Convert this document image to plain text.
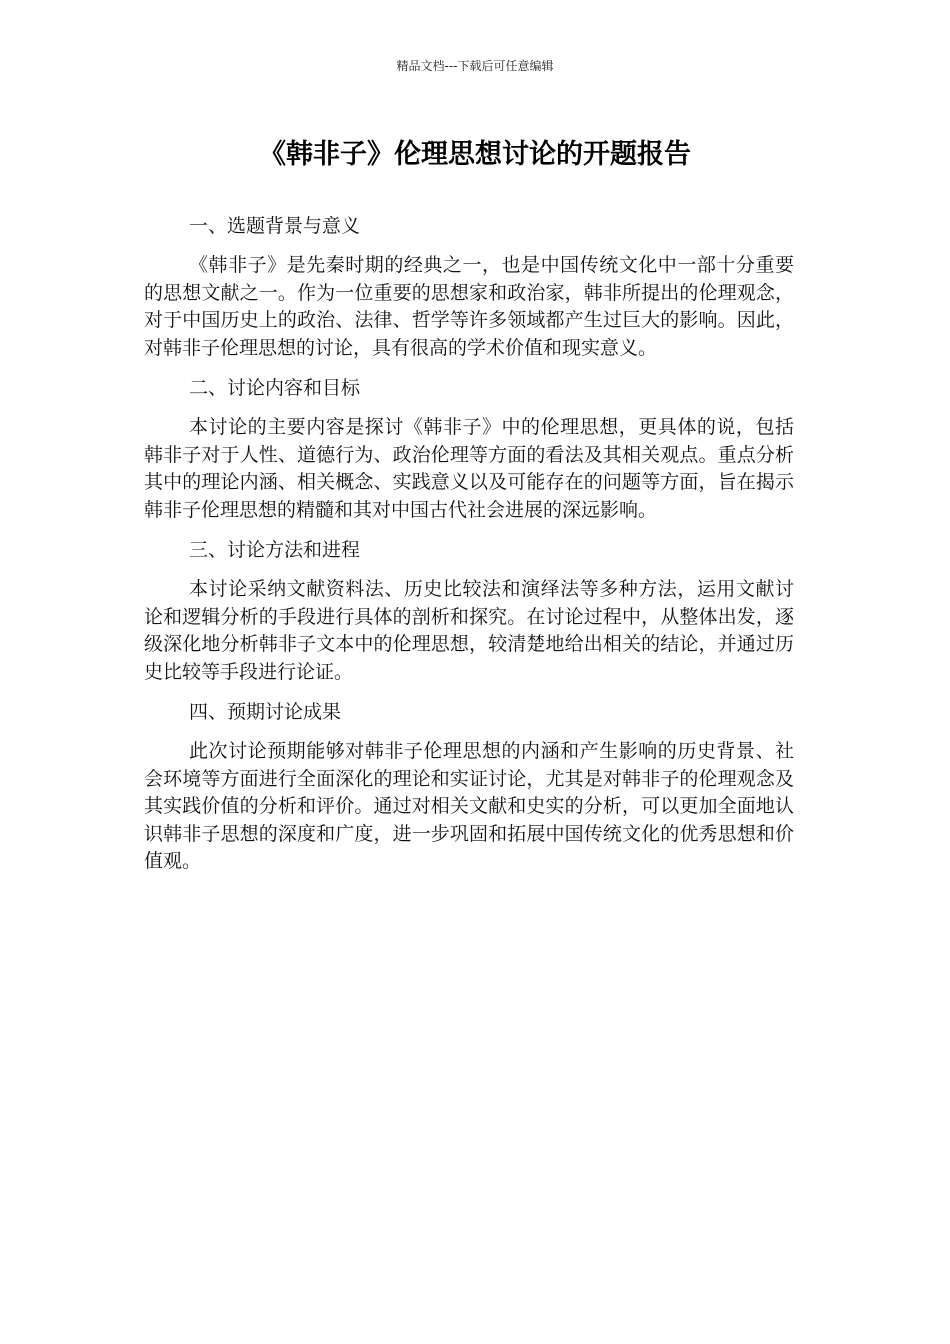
精品文档---下载后可任意编辑
《韩非子》伦理思想讨论的开题报告

一、选题背景与意义

《韩非子》是先秦时期的经典之一，也是中国传统文化中一部十分重要的思想文献之一。作为一位重要的思想家和政治家，韩非所提出的伦理观念，对于中国历史上的政治、法律、哲学等许多领域都产生过巨大的影响。因此，对韩非子伦理思想的讨论，具有很高的学术价值和现实意义。

二、讨论内容和目标

本讨论的主要内容是探讨《韩非子》中的伦理思想，更具体的说，包括韩非子对于人性、道德行为、政治伦理等方面的看法及其相关观点。重点分析其中的理论内涵、相关概念、实践意义以及可能存在的问题等方面，旨在揭示韩非子伦理思想的精髓和其对中国古代社会进展的深远影响。

三、讨论方法和进程

本讨论采纳文献资料法、历史比较法和演绎法等多种方法，运用文献讨论和逻辑分析的手段进行具体的剖析和探究。在讨论过程中，从整体出发，逐级深化地分析韩非子文本中的伦理思想，较清楚地给出相关的结论，并通过历史比较等手段进行论证。

四、预期讨论成果

此次讨论预期能够对韩非子伦理思想的内涵和产生影响的历史背景、社会环境等方面进行全面深化的理论和实证讨论，尤其是对韩非子的伦理观念及其实践价值的分析和评价。通过对相关文献和史实的分析，可以更加全面地认识韩非子思想的深度和广度，进一步巩固和拓展中国传统文化的优秀思想和价值观。
